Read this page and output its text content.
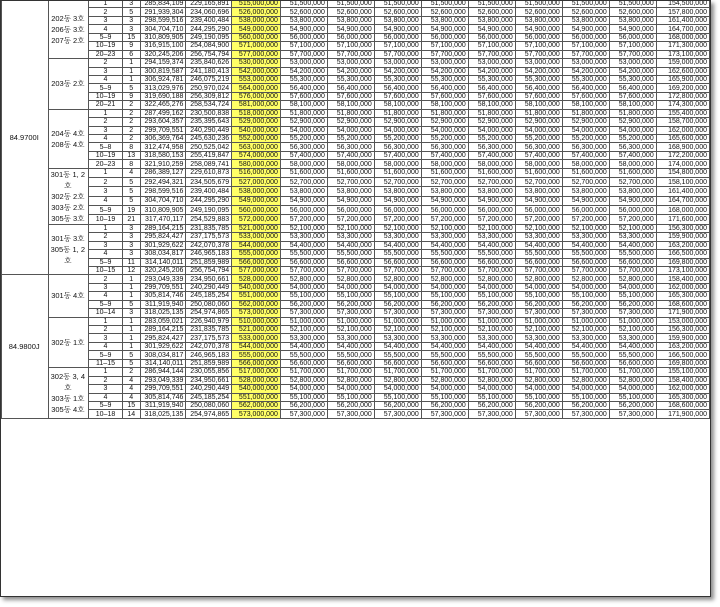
84.9700I	202동 3호
206동 3호
207동 2호	1	3	285,834,109	229,165,891	515,000,000	51,500,000	51,500,000	51,500,000	51,500,000	51,500,000	51,500,000	51,500,000	51,500,000	154,500,000
		2	5	291,939,304	234,060,696	526,000,000	52,600,000	52,600,000	52,600,000	52,600,000	52,600,000	52,600,000	52,600,000	52,600,000	157,800,000
		3	3	298,599,516	239,400,484	538,000,000	53,800,000	53,800,000	53,800,000	53,800,000	53,800,000	53,800,000	53,800,000	53,800,000	161,400,000
		4	3	304,704,710	244,295,290	549,000,000	54,900,000	54,900,000	54,900,000	54,900,000	54,900,000	54,900,000	54,900,000	54,900,000	164,700,000
		5–9	15	310,809,905	249,190,095	560,000,000	56,000,000	56,000,000	56,000,000	56,000,000	56,000,000	56,000,000	56,000,000	56,000,000	168,000,000
		10–19	9	316,915,100	254,084,900	571,000,000	57,100,000	57,100,000	57,100,000	57,100,000	57,100,000	57,100,000	57,100,000	57,100,000	171,300,000
		20–23	6	320,245,206	256,754,794	577,000,000	57,700,000	57,700,000	57,700,000	57,700,000	57,700,000	57,700,000	57,700,000	57,700,000	173,100,000
	203동 2호	2	1	294,159,374	235,840,626	530,000,000	53,000,000	53,000,000	53,000,000	53,000,000	53,000,000	53,000,000	53,000,000	53,000,000	159,000,000
		3	1	300,819,587	241,180,413	542,000,000	54,200,000	54,200,000	54,200,000	54,200,000	54,200,000	54,200,000	54,200,000	54,200,000	162,600,000
		4	1	306,924,781	246,075,219	553,000,000	55,300,000	55,300,000	55,300,000	55,300,000	55,300,000	55,300,000	55,300,000	55,300,000	165,900,000
		5–9	5	313,029,976	250,970,024	564,000,000	56,400,000	56,400,000	56,400,000	56,400,000	56,400,000	56,400,000	56,400,000	56,400,000	169,200,000
		10–19	9	319,690,188	256,309,812	576,000,000	57,600,000	57,600,000	57,600,000	57,600,000	57,600,000	57,600,000	57,600,000	57,600,000	172,800,000
		20–21	2	322,465,276	258,534,724	581,000,000	58,100,000	58,100,000	58,100,000	58,100,000	58,100,000	58,100,000	58,100,000	58,100,000	174,300,000
	204동 4호
208동 4호	1	2	287,499,162	230,500,838	518,000,000	51,800,000	51,800,000	51,800,000	51,800,000	51,800,000	51,800,000	51,800,000	51,800,000	155,400,000
		2	2	293,604,357	235,395,643	529,000,000	52,900,000	52,900,000	52,900,000	52,900,000	52,900,000	52,900,000	52,900,000	52,900,000	158,700,000
		3	2	299,709,551	240,290,449	540,000,000	54,000,000	54,000,000	54,000,000	54,000,000	54,000,000	54,000,000	54,000,000	54,000,000	162,000,000
		4	2	306,369,764	245,630,236	552,000,000	55,200,000	55,200,000	55,200,000	55,200,000	55,200,000	55,200,000	55,200,000	55,200,000	165,600,000
		5–8	8	312,474,958	250,525,042	563,000,000	56,300,000	56,300,000	56,300,000	56,300,000	56,300,000	56,300,000	56,300,000	56,300,000	168,900,000
		10–19	13	318,580,153	255,419,847	574,000,000	57,400,000	57,400,000	57,400,000	57,400,000	57,400,000	57,400,000	57,400,000	57,400,000	172,200,000
		20–23	8	321,910,259	258,089,741	580,000,000	58,000,000	58,000,000	58,000,000	58,000,000	58,000,000	58,000,000	58,000,000	58,000,000	174,000,000
	301동 1, 2호
302동 2호
303동 2호
305동 3호	1	4	286,389,127	229,610,873	516,000,000	51,600,000	51,600,000	51,600,000	51,600,000	51,600,000	51,600,000	51,600,000	51,600,000	154,800,000
		2	5	292,494,321	234,505,679	527,000,000	52,700,000	52,700,000	52,700,000	52,700,000	52,700,000	52,700,000	52,700,000	52,700,000	158,100,000
		3	5	298,599,516	239,400,484	538,000,000	53,800,000	53,800,000	53,800,000	53,800,000	53,800,000	53,800,000	53,800,000	53,800,000	161,400,000
		4	5	304,704,710	244,295,290	549,000,000	54,900,000	54,900,000	54,900,000	54,900,000	54,900,000	54,900,000	54,900,000	54,900,000	164,700,000
		5–9	19	310,809,905	249,190,095	560,000,000	56,000,000	56,000,000	56,000,000	56,000,000	56,000,000	56,000,000	56,000,000	56,000,000	168,000,000
		10–19	21	317,470,117	254,529,883	572,000,000	57,200,000	57,200,000	57,200,000	57,200,000	57,200,000	57,200,000	57,200,000	57,200,000	171,600,000
	301동 3호
305동 1, 2호	1	3	289,164,215	231,835,785	521,000,000	52,100,000	52,100,000	52,100,000	52,100,000	52,100,000	52,100,000	52,100,000	52,100,000	156,300,000
		2	3	295,824,427	237,175,573	533,000,000	53,300,000	53,300,000	53,300,000	53,300,000	53,300,000	53,300,000	53,300,000	53,300,000	159,900,000
		3	3	301,929,622	242,070,378	544,000,000	54,400,000	54,400,000	54,400,000	54,400,000	54,400,000	54,400,000	54,400,000	54,400,000	163,200,000
		4	3	308,034,817	246,965,183	555,000,000	55,500,000	55,500,000	55,500,000	55,500,000	55,500,000	55,500,000	55,500,000	55,500,000	166,500,000
		5–9	11	314,140,011	251,859,989	566,000,000	56,600,000	56,600,000	56,600,000	56,600,000	56,600,000	56,600,000	56,600,000	56,600,000	169,800,000
		10–15	12	320,245,206	256,754,794	577,000,000	57,700,000	57,700,000	57,700,000	57,700,000	57,700,000	57,700,000	57,700,000	57,700,000	173,100,000
84.9800J	301동 4호	2	1	293,049,339	234,950,661	528,000,000	52,800,000	52,800,000	52,800,000	52,800,000	52,800,000	52,800,000	52,800,000	52,800,000	158,400,000
		3	1	299,709,551	240,290,449	540,000,000	54,000,000	54,000,000	54,000,000	54,000,000	54,000,000	54,000,000	54,000,000	54,000,000	162,000,000
		4	1	305,814,746	245,185,254	551,000,000	55,100,000	55,100,000	55,100,000	55,100,000	55,100,000	55,100,000	55,100,000	55,100,000	165,300,000
		5–9	5	311,919,940	250,080,060	562,000,000	56,200,000	56,200,000	56,200,000	56,200,000	56,200,000	56,200,000	56,200,000	56,200,000	168,600,000
		10–14	3	318,025,135	254,974,865	573,000,000	57,300,000	57,300,000	57,300,000	57,300,000	57,300,000	57,300,000	57,300,000	57,300,000	171,900,000
	302동 1호	1	1	283,059,021	226,940,979	510,000,000	51,000,000	51,000,000	51,000,000	51,000,000	51,000,000	51,000,000	51,000,000	51,000,000	153,000,000
		2	1	289,164,215	231,835,785	521,000,000	52,100,000	52,100,000	52,100,000	52,100,000	52,100,000	52,100,000	52,100,000	52,100,000	156,300,000
		3	1	295,824,427	237,175,573	533,000,000	53,300,000	53,300,000	53,300,000	53,300,000	53,300,000	53,300,000	53,300,000	53,300,000	159,900,000
		4	1	301,929,622	242,070,378	544,000,000	54,400,000	54,400,000	54,400,000	54,400,000	54,400,000	54,400,000	54,400,000	54,400,000	163,200,000
		5–9	5	308,034,817	246,965,183	555,000,000	55,500,000	55,500,000	55,500,000	55,500,000	55,500,000	55,500,000	55,500,000	55,500,000	166,500,000
		11–15	5	314,140,011	251,859,989	566,000,000	56,600,000	56,600,000	56,600,000	56,600,000	56,600,000	56,600,000	56,600,000	56,600,000	169,800,000
	302동 3, 4호
303동 1호
305동 4호	1	2	286,944,144	230,055,856	517,000,000	51,700,000	51,700,000	51,700,000	51,700,000	51,700,000	51,700,000	51,700,000	51,700,000	155,100,000
		2	4	293,049,339	234,950,661	528,000,000	52,800,000	52,800,000	52,800,000	52,800,000	52,800,000	52,800,000	52,800,000	52,800,000	158,400,000
		3	4	299,709,551	240,290,449	540,000,000	54,000,000	54,000,000	54,000,000	54,000,000	54,000,000	54,000,000	54,000,000	54,000,000	162,000,000
		4	4	305,814,746	245,185,254	551,000,000	55,100,000	55,100,000	55,100,000	55,100,000	55,100,000	55,100,000	55,100,000	55,100,000	165,300,000
		5–9	15	311,919,940	250,080,060	562,000,000	56,200,000	56,200,000	56,200,000	56,200,000	56,200,000	56,200,000	56,200,000	56,200,000	168,600,000
		10–18	14	318,025,135	254,974,865	573,000,000	57,300,000	57,300,000	57,300,000	57,300,000	57,300,000	57,300,000	57,300,000	57,300,000	171,900,000
